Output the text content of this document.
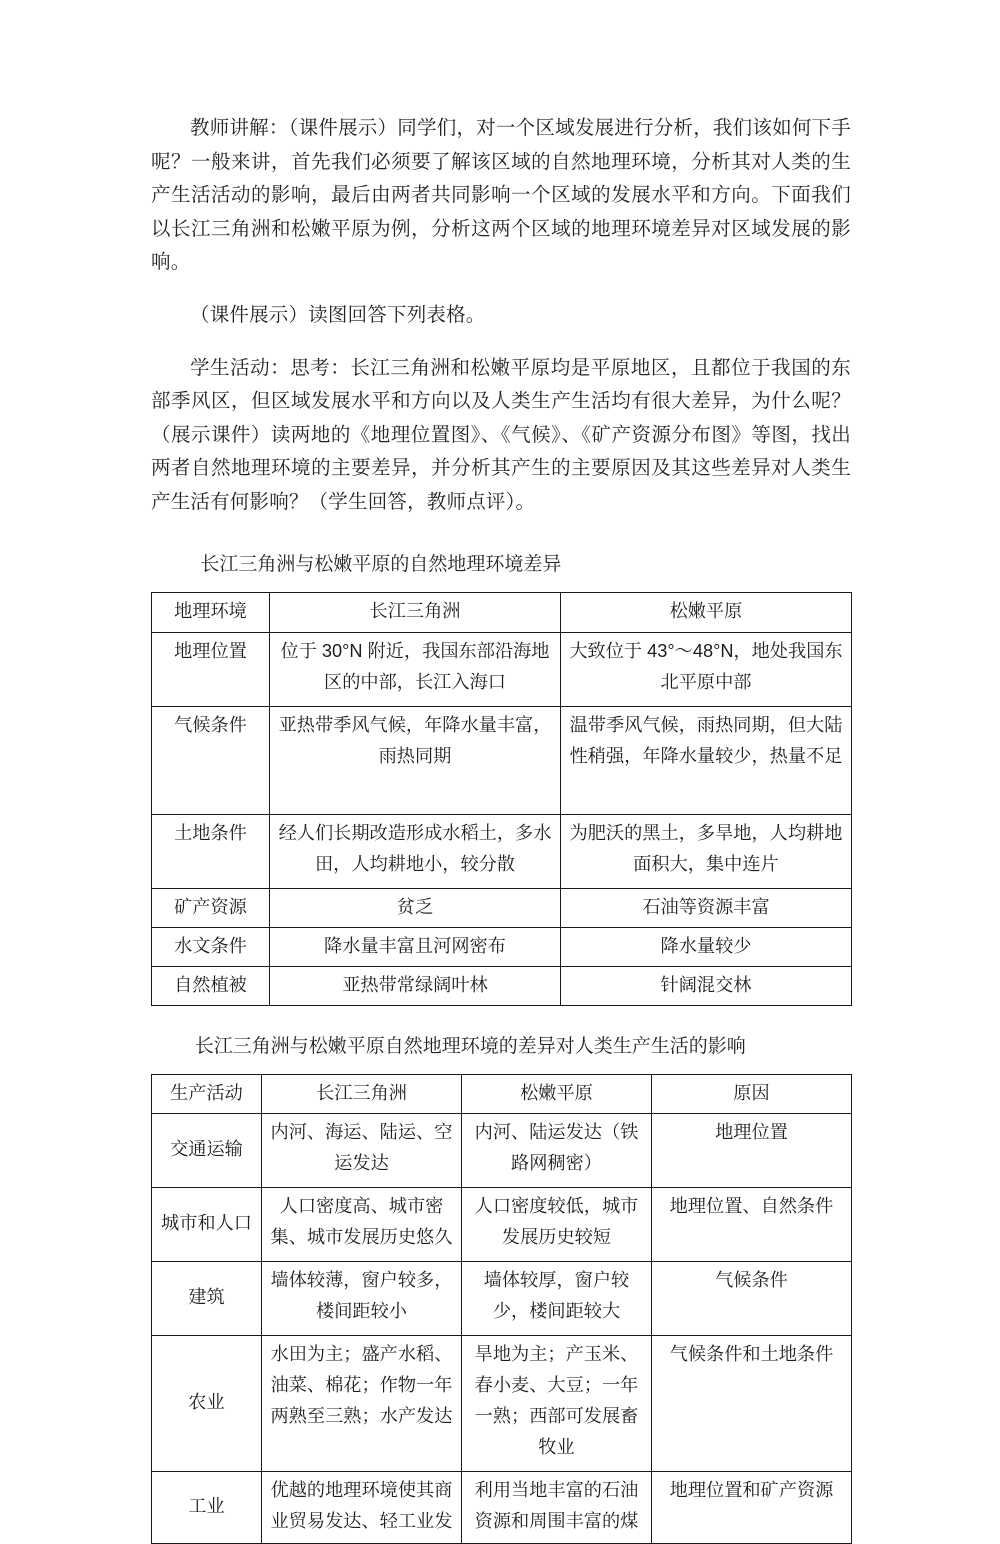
教师讲解：（课件展示）同学们，对一个区域发展进行分析，我们该如何下手呢？一般来讲，首先我们必须要了解该区域的自然地理环境，分析其对人类的生产生活活动的影响，最后由两者共同影响一个区域的发展水平和方向。下面我们以长江三角洲和松嫩平原为例，分析这两个区域的地理环境差异对区域发展的影响。

（课件展示）读图回答下列表格。

学生活动：思考：长江三角洲和松嫩平原均是平原地区，且都位于我国的东部季风区，但区域发展水平和方向以及人类生产生活均有很大差异，为什么呢？（展示课件）读两地的《地理位置图》、《气候》、《矿产资源分布图》等图，找出两者自然地理环境的主要差异，并分析其产生的主要原因及其这些差异对人类生产生活有何影响？（学生回答，教师点评）。

长江三角洲与松嫩平原的自然地理环境差异
地理环境	长江三角洲	松嫩平原
地理位置	位于 30°N 附近，我国东部沿海地区的中部，长江入海口	大致位于 43°～48°N，地处我国东北平原中部
气候条件	亚热带季风气候，年降水量丰富，雨热同期	温带季风气候，雨热同期，但大陆性稍强，年降水量较少，热量不足
土地条件	经人们长期改造形成水稻土，多水田，人均耕地小，较分散	为肥沃的黑土，多旱地，人均耕地面积大，集中连片
矿产资源	贫乏	石油等资源丰富
水文条件	降水量丰富且河网密布	降水量较少
自然植被	亚热带常绿阔叶林	针阔混交林
长江三角洲与松嫩平原自然地理环境的差异对人类生产生活的影响
生产活动	长江三角洲	松嫩平原	原因
交通运输	内河、海运、陆运、空运发达	内河、陆运发达（铁路网稠密）	地理位置
城市和人口	人口密度高、城市密集、城市发展历史悠久	人口密度较低，城市发展历史较短	地理位置、自然条件
建筑	墙体较薄，窗户较多，楼间距较小	墙体较厚，窗户较少，楼间距较大	气候条件
农业	水田为主；盛产水稻、油菜、棉花；作物一年两熟至三熟；水产发达	旱地为主；产玉米、春小麦、大豆；一年一熟；西部可发展畜牧业	气候条件和土地条件
工业	优越的地理环境使其商业贸易发达、轻工业发	利用当地丰富的石油资源和周围丰富的煤	地理位置和矿产资源
